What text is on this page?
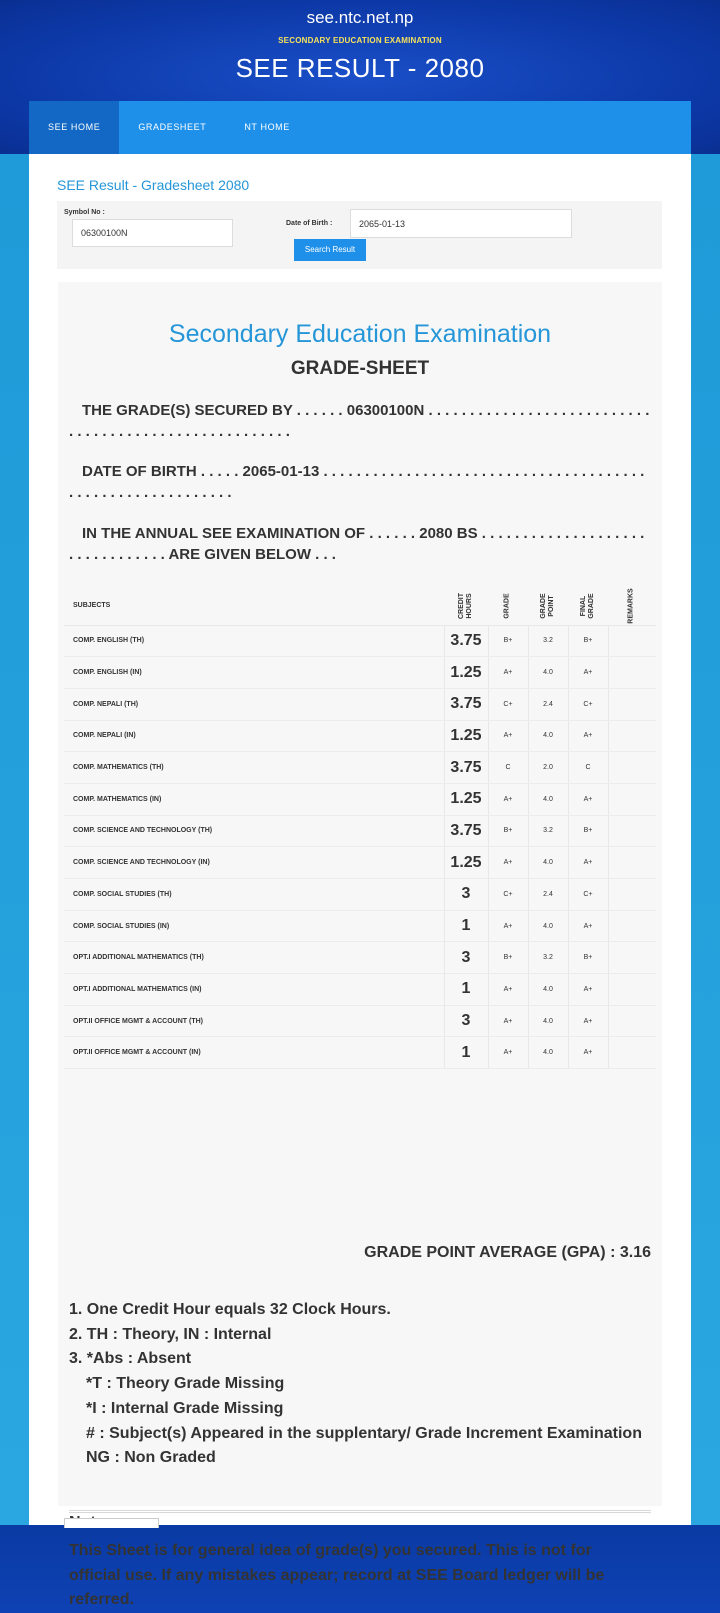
see.ntc.net.np
SECONDARY EDUCATION EXAMINATION
SEE RESULT - 2080
SEE HOME	GRADESHEET	NT HOME
SEE Result - Gradesheet 2080
Symbol No :
06300100N
Date of Birth :
2065-01-13
Search Result
Secondary Education Examination
GRADE-SHEET
THE GRADE(S) SECURED BY . . . . . . 06300100N . . . . . . . . . . . . . . . . . . . . . . . . . . . . . . . . . . . . . . . . . . . . . . . . . . . . . .
DATE OF BIRTH . . . . . 2065-01-13 . . . . . . . . . . . . . . . . . . . . . . . . . . . . . . . . . . . . . . . . . . . . . . . . . . . . . . . . . . .
IN THE ANNUAL SEE EXAMINATION OF . . . . . . 2080 BS . . . . . . . . . . . . . . . . . . . . . . . . . . . . . . . . ARE GIVEN BELOW . . .
SUBJECTS	CREDIT HOURS	GRADE	GRADE POINT	FINAL GRADE	REMARKS
COMP. ENGLISH (TH)	3.75	B+	3.2	B+	
COMP. ENGLISH (IN)	1.25	A+	4.0	A+	
COMP. NEPALI (TH)	3.75	C+	2.4	C+	
COMP. NEPALI (IN)	1.25	A+	4.0	A+	
COMP. MATHEMATICS (TH)	3.75	C	2.0	C	
COMP. MATHEMATICS (IN)	1.25	A+	4.0	A+	
COMP. SCIENCE AND TECHNOLOGY (TH)	3.75	B+	3.2	B+	
COMP. SCIENCE AND TECHNOLOGY (IN)	1.25	A+	4.0	A+	
COMP. SOCIAL STUDIES (TH)	3	C+	2.4	C+	
COMP. SOCIAL STUDIES (IN)	1	A+	4.0	A+	
OPT.I ADDITIONAL MATHEMATICS (TH)	3	B+	3.2	B+	
OPT.I ADDITIONAL MATHEMATICS (IN)	1	A+	4.0	A+	
OPT.II OFFICE MGMT & ACCOUNT (TH)	3	A+	4.0	A+	
OPT.II OFFICE MGMT & ACCOUNT (IN)	1	A+	4.0	A+	
GRADE POINT AVERAGE (GPA) : 3.16
1. One Credit Hour equals 32 Clock Hours.
2. TH : Theory, IN : Internal
3. *Abs : Absent
*T : Theory Grade Missing
*I : Internal Grade Missing
# : Subject(s) Appeared in the supplentary/ Grade Increment Examination
NG : Non Graded
This Sheet is for general idea of grade(s) you secured. This is not for official use. If any mistakes appear; record at SEE Board ledger will be referred.
